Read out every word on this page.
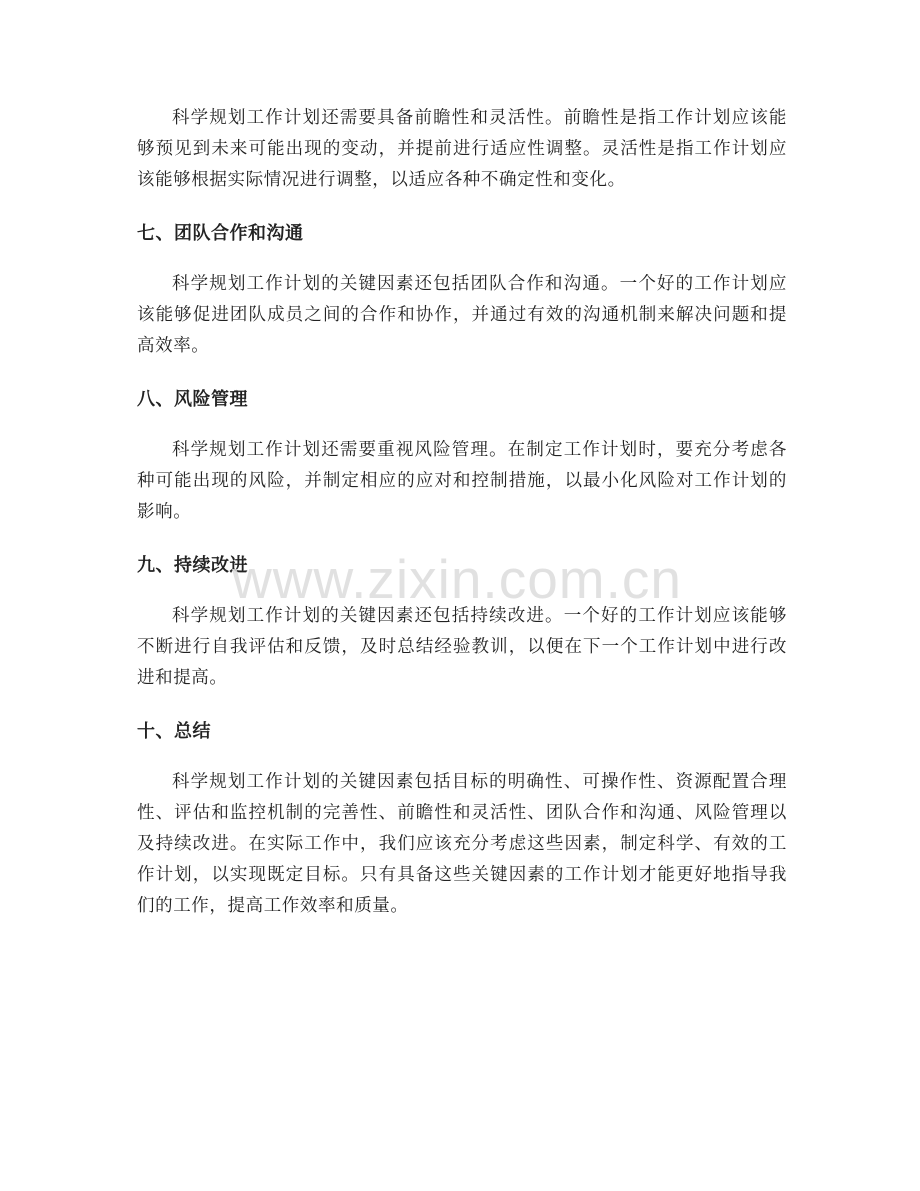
科学规划工作计划还需要具备前瞻性和灵活性。前瞻性是指工作计划应该能够预见到未来可能出现的变动，并提前进行适应性调整。灵活性是指工作计划应该能够根据实际情况进行调整，以适应各种不确定性和变化。

七、团队合作和沟通

科学规划工作计划的关键因素还包括团队合作和沟通。一个好的工作计划应该能够促进团队成员之间的合作和协作，并通过有效的沟通机制来解决问题和提高效率。

八、风险管理

科学规划工作计划还需要重视风险管理。在制定工作计划时，要充分考虑各种可能出现的风险，并制定相应的应对和控制措施，以最小化风险对工作计划的影响。

九、持续改进

科学规划工作计划的关键因素还包括持续改进。一个好的工作计划应该能够不断进行自我评估和反馈，及时总结经验教训，以便在下一个工作计划中进行改进和提高。

十、总结

科学规划工作计划的关键因素包括目标的明确性、可操作性、资源配置合理性、评估和监控机制的完善性、前瞻性和灵活性、团队合作和沟通、风险管理以及持续改进。在实际工作中，我们应该充分考虑这些因素，制定科学、有效的工作计划，以实现既定目标。只有具备这些关键因素的工作计划才能更好地指导我们的工作，提高工作效率和质量。

www.zixin.com.cn
